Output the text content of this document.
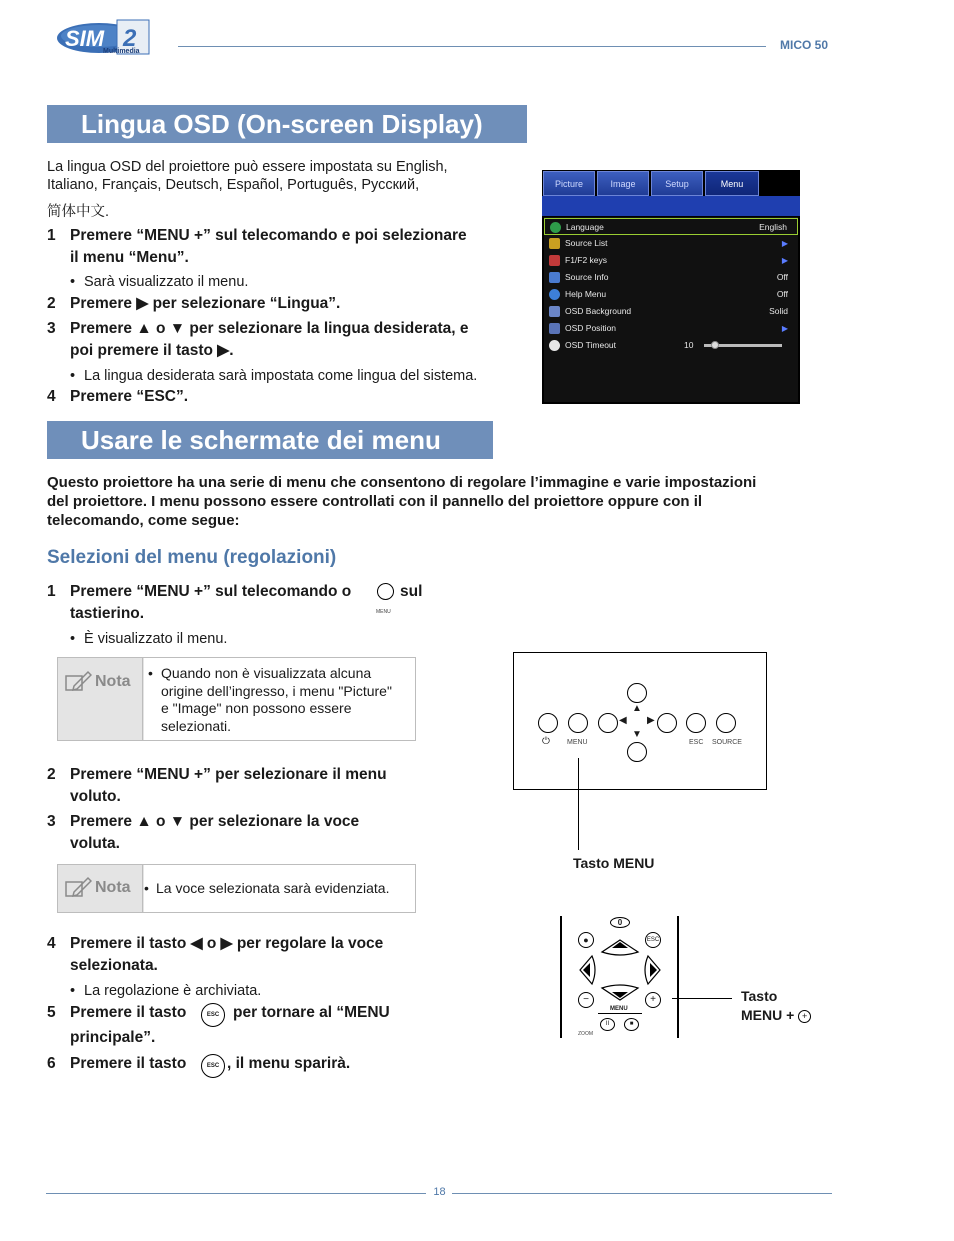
SIM 2
Multimedia	MICO 50
Lingua OSD (On-screen Display)
La lingua OSD del proiettore può essere impostata su English,
Italiano, Français, Deutsch, Español, Português, Русский,
简体中文.
1 Premere “MENU +” sul telecomando e poi selezionare
il menu “Menu”.
• Sarà visualizzato il menu.
2 Premere ▶ per selezionare “Lingua”.
3 Premere ▲ o ▼ per selezionare la lingua desiderata, e
poi premere il tasto ▶.
• La lingua desiderata sarà impostata come lingua del sistema.
4 Premere “ESC”.
Picture	Image	Setup	Menu
Language	English
Source List	▶
F1/F2 keys	▶
Source Info	Off
Help Menu	Off
OSD Background	Solid
OSD Position	▶
OSD Timeout	10
Usare le schermate dei menu
Questo proiettore ha una serie di menu che consentono di regolare l’immagine e varie impostazioni
del proiettore. I menu possono essere controllati con il pannello del proiettore oppure con il
telecomando, come segue:
Selezioni del menu (regolazioni)
1 Premere “MENU +” sul telecomando o
MENU
sul
tastierino.
• È visualizzato il menu.
Nota • Quando non è visualizzata alcuna
origine dell’ingresso, i menu "Picture"
e "Image" non possono essere
selezionati.
2 Premere “MENU +” per selezionare il menu
voluto.
3 Premere ▲ o ▼ per selezionare la voce
voluta.
Nota • La voce selezionata sarà evidenziata.
4 Premere il tasto ◀ o ▶ per regolare la voce
selezionata.
• La regolazione è archiviata.
5 Premere il tasto	ESC per tornare al “MENU
principale”.
6 Premere il tasto	ESC , il menu sparirà.
⏻ MENU
◀
▲
▼
▶
ESC SOURCE
Tasto MENU
0
●	ESC
−	+
MENU
II	■
ZOOM
Tasto
MENU + +
18
